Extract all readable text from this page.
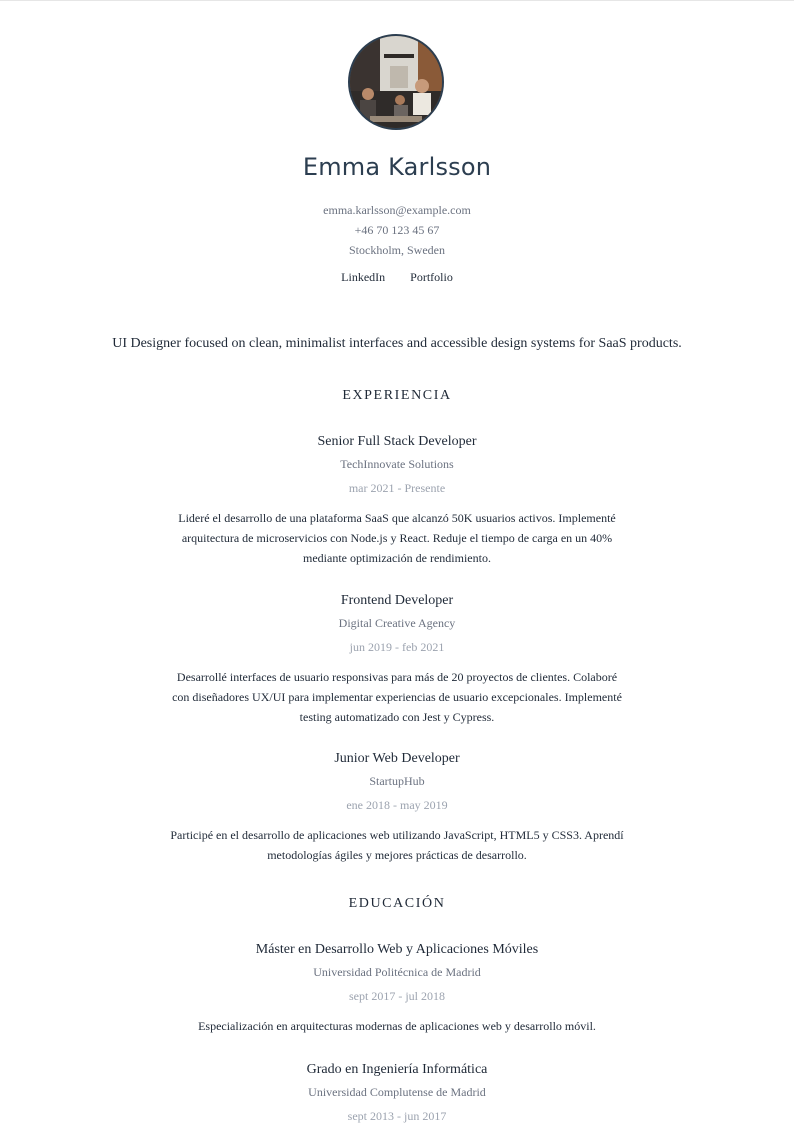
Emma Karlsson
emma.karlsson@example.com
+46 70 123 45 67
Stockholm, Sweden
LinkedIn Portfolio
UI Designer focused on clean, minimalist interfaces and accessible design systems for SaaS products.
EXPERIENCIA
Senior Full Stack Developer
TechInnovate Solutions
mar 2021 - Presente
Lideré el desarrollo de una plataforma SaaS que alcanzó 50K usuarios activos. Implementé arquitectura de microservicios con Node.js y React. Reduje el tiempo de carga en un 40% mediante optimización de rendimiento.
Frontend Developer
Digital Creative Agency
jun 2019 - feb 2021
Desarrollé interfaces de usuario responsivas para más de 20 proyectos de clientes. Colaboré con diseñadores UX/UI para implementar experiencias de usuario excepcionales. Implementé testing automatizado con Jest y Cypress.
Junior Web Developer
StartupHub
ene 2018 - may 2019
Participé en el desarrollo de aplicaciones web utilizando JavaScript, HTML5 y CSS3. Aprendí metodologías ágiles y mejores prácticas de desarrollo.
EDUCACIÓN
Máster en Desarrollo Web y Aplicaciones Móviles
Universidad Politécnica de Madrid
sept 2017 - jul 2018
Especialización en arquitecturas modernas de aplicaciones web y desarrollo móvil.
Grado en Ingeniería Informática
Universidad Complutense de Madrid
sept 2013 - jun 2017
